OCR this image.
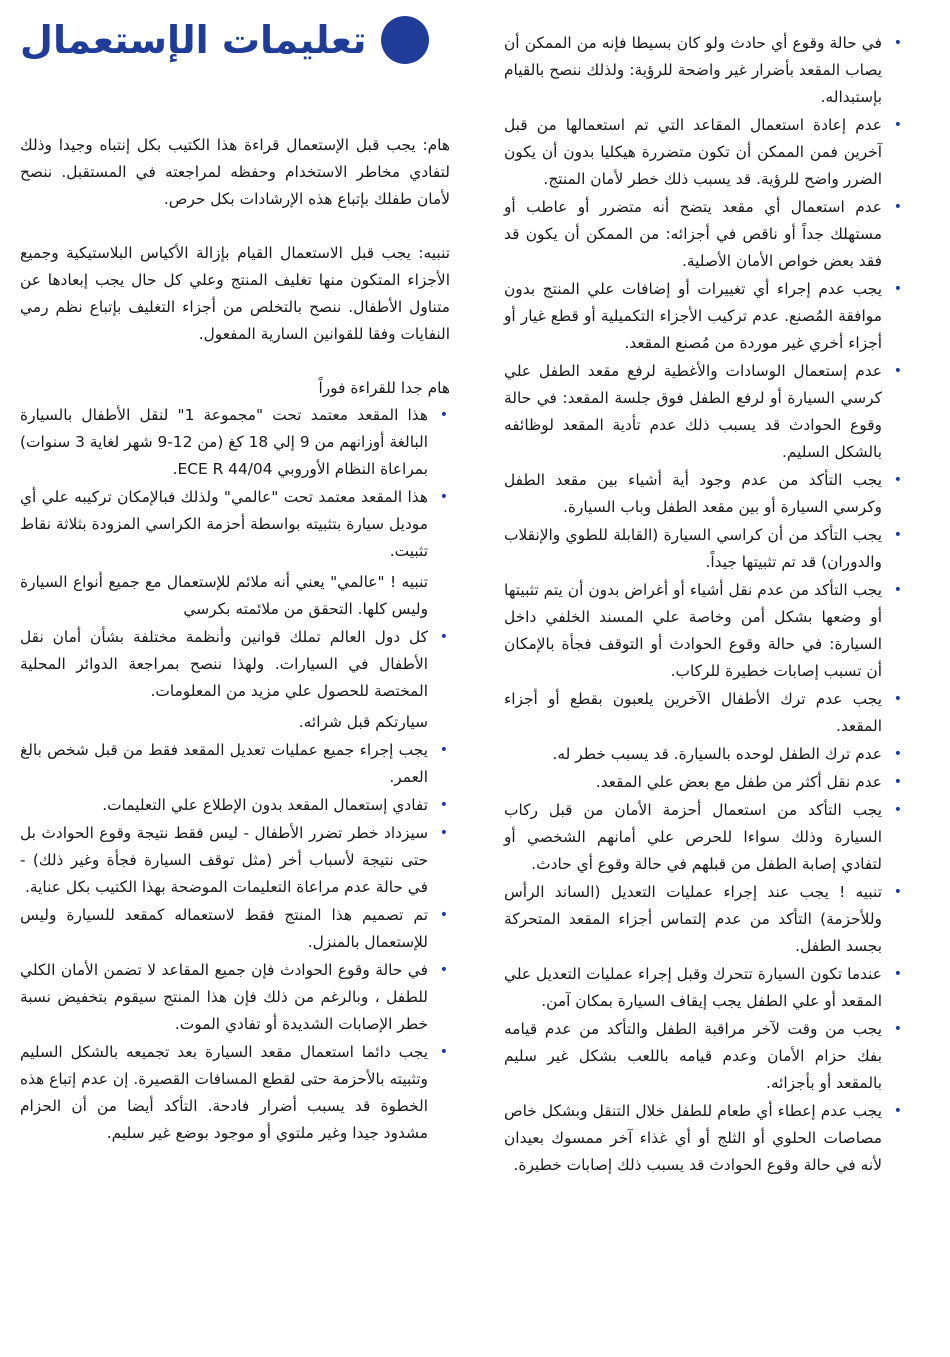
تعليمات الإستعمال
•	في حالة وقوع أي حادث ولو كان بسيطا فإنه من الممكن أن يصاب المقعد بأضرار غير واضحة للرؤية: ولذلك ننصح بالقيام بإستبداله.
• عدم إعادة استعمال المقاعد التي تم استعمالها من قبل آخرين فمن الممكن أن تكون متضررة هيكليا بدون أن يكون الضرر واضح للرؤية. قد يسبب ذلك خطر لأمان المنتج.
• عدم استعمال أي مقعد يتضح أنه متضرر أو عاطب أو مستهلك جداً أو ناقص في أجزائه: من الممكن أن يكون قد فقد بعض خواص الأمان الأصلية.
• يجب عدم إجراء أي تغييرات أو إضافات علي المنتج بدون موافقة المُصنع. عدم تركيب الأجزاء التكميلية أو قطع غيار أو أجزاء أخري غير موردة من مُصنع المقعد.
• عدم إستعمال الوسادات والأغطية لرفع مقعد الطفل علي كرسي السيارة أو لرفع الطفل فوق جلسة المقعد: في حالة وقوع الحوادث قد يسبب ذلك عدم تأدية المقعد لوظائفه بالشكل السليم.
• يجب التأكد من عدم وجود أية أشياء بين مقعد الطفل وكرسي السيارة أو بين مقعد الطفل وباب السيارة.
• يجب التأكد من أن كراسي السيارة (القابلة للطوي والإنقلاب والدوران) قد تم تثبيتها جيداً.
• يجب التأكد من عدم نقل أشياء أو أغراض بدون أن يتم تثبيتها أو وضعها بشكل أمن وخاصة علي المسند الخلفي داخل السيارة: في حالة وقوع الحوادث أو التوقف فجأة بالإمكان أن تسبب إصابات خطيرة للركاب.
• يجب عدم ترك الأطفال الآخرين يلعبون بقطع أو أجزاء المقعد.
• عدم ترك الطفل لوحده بالسيارة. قد يسبب خطر له.
• عدم نقل أكثر من طفل مع بعض علي المقعد.
• يجب التأكد من استعمال أحزمة الأمان من قبل ركاب السيارة وذلك سواءا للحرص علي أمانهم الشخصي أو لتفادي إصابة الطفل من قبلهم في حالة وقوع أي حادث.
• تنبيه ! يجب عند إجراء عمليات التعديل (الساند الرأس وللأحزمة) التأكد من عدم إلتماس أجزاء المقعد المتحركة بجسد الطفل.
• عندما تكون السيارة تتحرك وقبل إجراء عمليات التعديل علي المقعد أو علي الطفل يجب إيقاف السيارة بمكان آمن.
• يجب من وقت لآخر مراقبة الطفل والتأكد من عدم قيامه بفك حزام الأمان وعدم قيامه باللعب بشكل غير سليم بالمقعد أو بأجزائه.
• يجب عدم إعطاء أي طعام للطفل خلال التنقل وبشكل خاص مصاصات الحلوي أو الثلج أو أي غذاء آخر ممسوك بعيدان لأنه في حالة وقوع الحوادث قد يسبب ذلك إصابات خطيرة.

هام: يجب قبل الإستعمال قراءة هذا الكتيب بكل إنتباه وجيدا وذلك لتفادي مخاطر الاستخدام وحفظه لمراجعته في المستقبل. ننصح لأمان طفلك بإتباع هذه الإرشادات بكل حرص.

تنبيه: يجب قبل الاستعمال القيام بإزالة الأكياس البلاستيكية وجميع الأجزاء المتكون منها تغليف المنتج وعلي كل حال يجب إبعادها عن متناول الأطفال. ننصح بالتخلص من أجزاء التغليف بإتباع نظم رمي النفايات وفقا للقوانين السارية المفعول.

هام جدا للقراءة فوراً

• هذا المقعد معتمد تحت "مجموعة 1" لنقل الأطفال بالسيارة البالغة أوزانهم من 9 إلي 18 كغ (من 12-9 شهر لغاية 3 سنوات) بمراعاة النظام الأوروبي ECE R 44/04.
• هذا المقعد معتمد تحت "عالمي" ولذلك فبالإمكان تركيبه علي أي موديل سيارة بتثبيته بواسطة أحزمة الكراسي المزودة بثلاثة نقاط تثبيت.
تنبيه ! "عالمي" يعني أنه ملائم للإستعمال مع جميع أنواع السيارة وليس كلها. التحقق من ملائمته بكرسي
• كل دول العالم تملك قوانين وأنظمة مختلفة بشأن أمان نقل الأطفال في السيارات. ولهذا ننصح بمراجعة الدوائر المحلية المختصة للحصول علي مزيد من المعلومات.
سيارتكم قبل شرائه.
• يجب إجراء جميع عمليات تعديل المقعد فقط من قبل شخص بالغ العمر.
• تفادي إستعمال المقعد بدون الإطلاع علي التعليمات.
• سيزداد خطر تضرر الأطفال - ليس فقط نتيجة وقوع الحوادث بل حتى نتيجة لأسباب أخر (مثل توقف السيارة فجأة وغير ذلك) - في حالة عدم مراعاة التعليمات الموضحة بهذا الكتيب بكل عناية.
• تم تصميم هذا المنتج فقط لاستعماله كمقعد للسيارة وليس للإستعمال بالمنزل.
• في حالة وقوع الحوادث فإن جميع المقاعد لا تضمن الأمان الكلي للطفل ، وبالرغم من ذلك فإن هذا المنتج سيقوم بتخفيض نسبة خطر الإصابات الشديدة أو تفادي الموت.
• يجب دائما استعمال مقعد السيارة بعد تجميعه بالشكل السليم وتثبيته بالأحزمة حتى لقطع المسافات القصيرة. إن عدم إتباع هذه الخطوة قد يسبب أضرار فادحة. التأكد أيضا من أن الحزام مشدود جيدا وغير ملتوي أو موجود بوضع غير سليم.
